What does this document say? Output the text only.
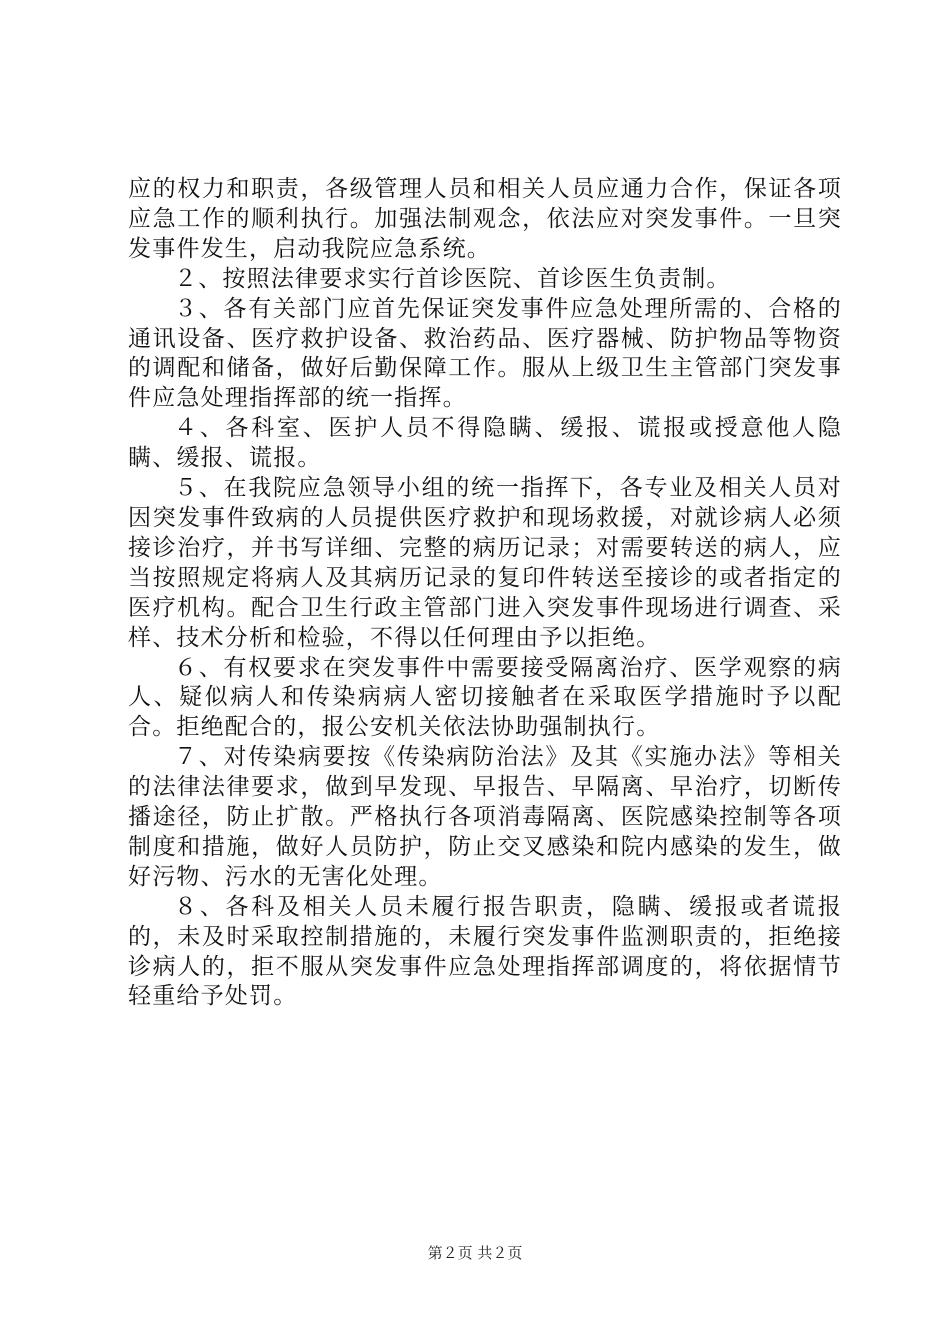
应的权力和职责，各级管理人员和相关人员应通力合作，保证各项应急工作的顺利执行。加强法制观念，依法应对突发事件。一旦突发事件发生，启动我院应急系统。

２、按照法律要求实行首诊医院、首诊医生负责制。

３、各有关部门应首先保证突发事件应急处理所需的、合格的通讯设备、医疗救护设备、救治药品、医疗器械、防护物品等物资的调配和储备，做好后勤保障工作。服从上级卫生主管部门突发事件应急处理指挥部的统一指挥。

４、各科室、医护人员不得隐瞒、缓报、谎报或授意他人隐瞒、缓报、谎报。

５、在我院应急领导小组的统一指挥下，各专业及相关人员对因突发事件致病的人员提供医疗救护和现场救援，对就诊病人必须接诊治疗，并书写详细、完整的病历记录；对需要转送的病人，应当按照规定将病人及其病历记录的复印件转送至接诊的或者指定的医疗机构。配合卫生行政主管部门进入突发事件现场进行调查、采样、技术分析和检验，不得以任何理由予以拒绝。

６、有权要求在突发事件中需要接受隔离治疗、医学观察的病人、疑似病人和传染病病人密切接触者在采取医学措施时予以配合。拒绝配合的，报公安机关依法协助强制执行。

７、对传染病要按《传染病防治法》及其《实施办法》等相关的法律法律要求，做到早发现、早报告、早隔离、早治疗，切断传播途径，防止扩散。严格执行各项消毒隔离、医院感染控制等各项制度和措施，做好人员防护，防止交叉感染和院内感染的发生，做好污物、污水的无害化处理。

８、各科及相关人员未履行报告职责，隐瞒、缓报或者谎报的，未及时采取控制措施的，未履行突发事件监测职责的，拒绝接诊病人的，拒不服从突发事件应急处理指挥部调度的，将依据情节轻重给予处罚。

第２页 共２页
